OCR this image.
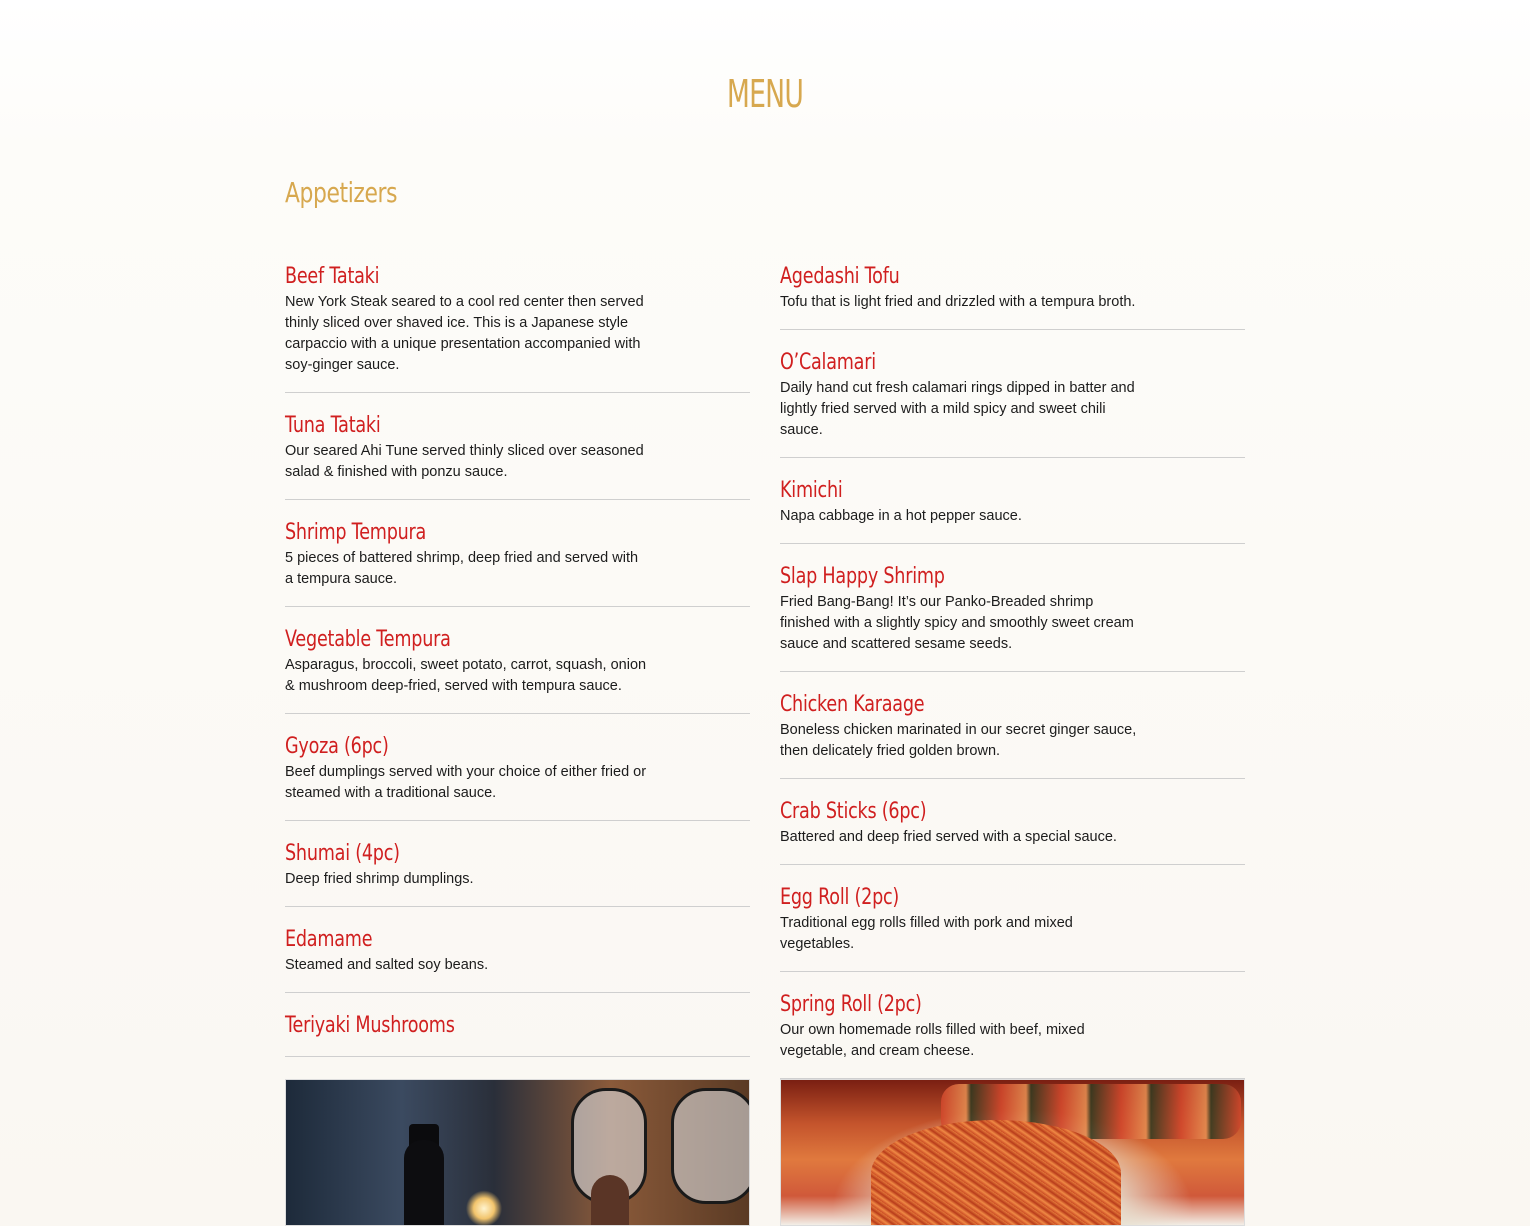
MENU
Appetizers
Beef Tataki

New York Steak seared to a cool red center then served thinly sliced over shaved ice. This is a Japanese style carpaccio with a unique presentation accompanied with soy-ginger sauce.

Tuna Tataki

Our seared Ahi Tune served thinly sliced over seasoned salad & finished with ponzu sauce.

Shrimp Tempura

5 pieces of battered shrimp, deep fried and served with a tempura sauce.

Vegetable Tempura

Asparagus, broccoli, sweet potato, carrot, squash, onion & mushroom deep-fried, served with tempura sauce.

Gyoza (6pc)

Beef dumplings served with your choice of either fried or steamed with a traditional sauce.

Shumai (4pc)

Deep fried shrimp dumplings.

Edamame

Steamed and salted soy beans.

Teriyaki Mushrooms
Agedashi Tofu

Tofu that is light fried and drizzled with a tempura broth.

O’Calamari

Daily hand cut fresh calamari rings dipped in batter and lightly fried served with a mild spicy and sweet chili sauce.

Kimichi

Napa cabbage in a hot pepper sauce.

Slap Happy Shrimp

Fried Bang-Bang! It’s our Panko-Breaded shrimp finished with a slightly spicy and smoothly sweet cream sauce and scattered sesame seeds.

Chicken Karaage

Boneless chicken marinated in our secret ginger sauce, then delicately fried golden brown.

Crab Sticks (6pc)

Battered and deep fried served with a special sauce.

Egg Roll (2pc)

Traditional egg rolls filled with pork and mixed vegetables.

Spring Roll (2pc)

Our own homemade rolls filled with beef, mixed vegetable, and cream cheese.
